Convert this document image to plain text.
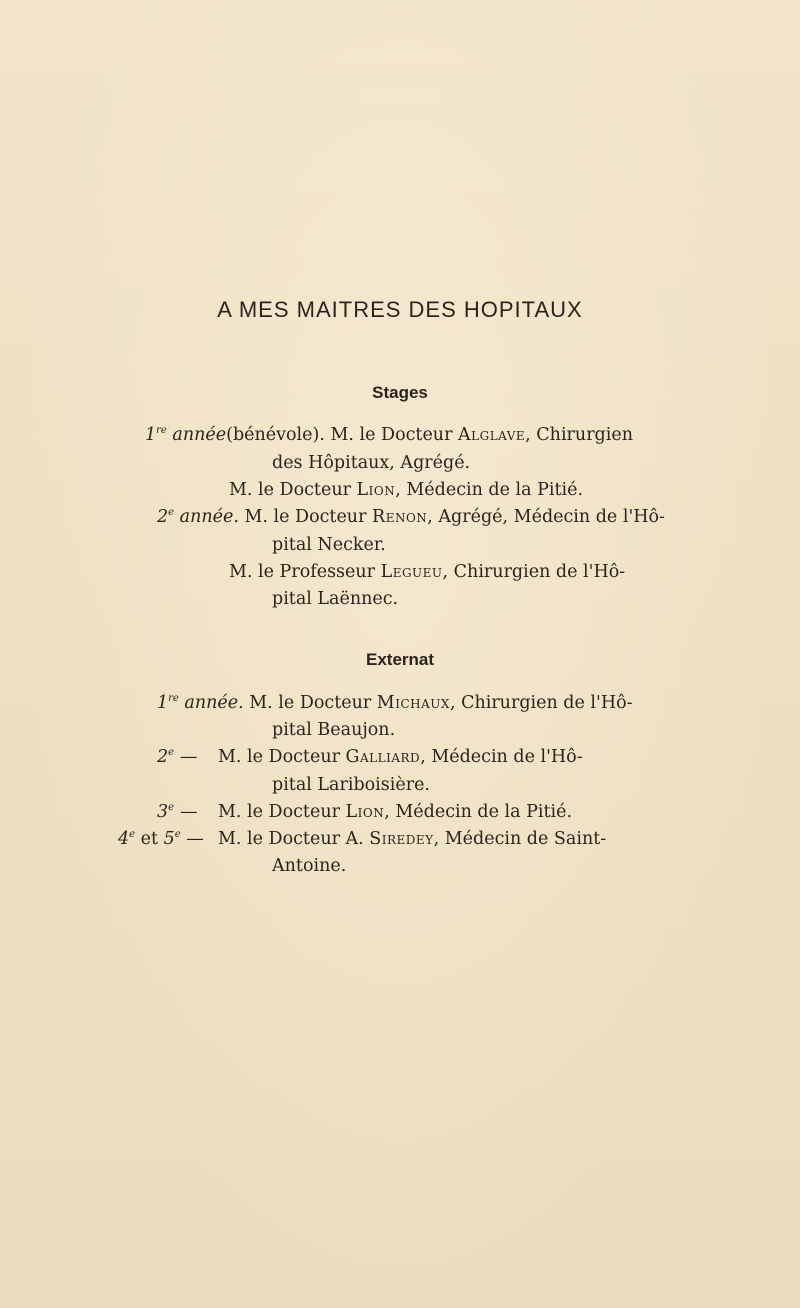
A MES MAITRES DES HOPITAUX
Stages
1re année(bénévole). M. le Docteur Alglave, Chirurgien
des Hôpitaux, Agrégé.
M. le Docteur Lion, Médecin de la Pitié.
2e année. M. le Docteur Renon, Agrégé, Médecin de l'Hô-
pital Necker.
M. le Professeur Legueu, Chirurgien de l'Hô-
pital Laënnec.
Externat
1re année. M. le Docteur Michaux, Chirurgien de l'Hô-
pital Beaujon.
2e — M. le Docteur Galliard, Médecin de l'Hô-
pital Lariboisière.
3e — M. le Docteur Lion, Médecin de la Pitié.
4e et 5e — M. le Docteur A. Siredey, Médecin de Saint-
Antoine.
